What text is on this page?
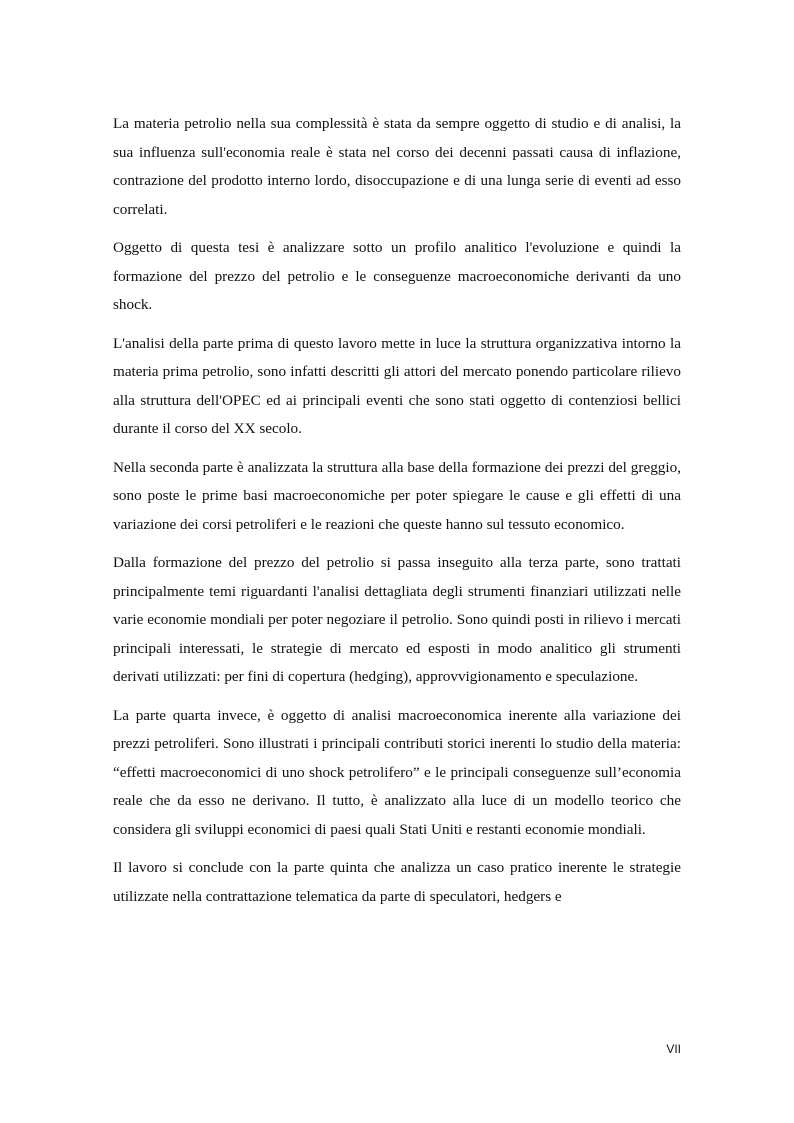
La materia petrolio nella sua complessità è stata da sempre oggetto di studio e di analisi, la sua influenza sull'economia reale è stata nel corso dei decenni passati causa di inflazione, contrazione del prodotto interno lordo, disoccupazione e di una lunga serie di eventi ad esso correlati.

Oggetto di questa tesi è analizzare sotto un profilo analitico l'evoluzione e quindi la formazione del prezzo del petrolio e le conseguenze macroeconomiche derivanti da uno shock.

L'analisi della parte prima di questo lavoro mette in luce la struttura organizzativa intorno la materia prima petrolio, sono infatti descritti gli attori del mercato ponendo particolare rilievo alla struttura dell'OPEC ed ai principali eventi che sono stati oggetto di contenziosi bellici durante il corso del XX secolo.

Nella seconda parte è analizzata la struttura alla base della formazione dei prezzi del greggio, sono poste le prime basi macroeconomiche per poter spiegare le cause e gli effetti di una variazione dei corsi petroliferi e le reazioni che queste hanno sul tessuto economico.

Dalla formazione del prezzo del petrolio si passa inseguito alla terza parte, sono trattati principalmente temi riguardanti l'analisi dettagliata degli strumenti finanziari utilizzati nelle varie economie mondiali per poter negoziare il petrolio. Sono quindi posti in rilievo i mercati principali interessati, le strategie di mercato ed esposti in modo analitico gli strumenti derivati utilizzati: per fini di copertura (hedging), approvvigionamento e speculazione.

La parte quarta invece, è oggetto di analisi macroeconomica inerente alla variazione dei prezzi petroliferi. Sono illustrati i principali contributi storici inerenti lo studio della materia: “effetti macroeconomici di uno shock petrolifero” e le principali conseguenze sull’economia reale che da esso ne derivano. Il tutto, è analizzato alla luce di un modello teorico che considera gli sviluppi economici di paesi quali Stati Uniti e restanti economie mondiali.

Il lavoro si conclude con la parte quinta che analizza un caso pratico inerente le strategie utilizzate nella contrattazione telematica da parte di speculatori, hedgers e

VII
